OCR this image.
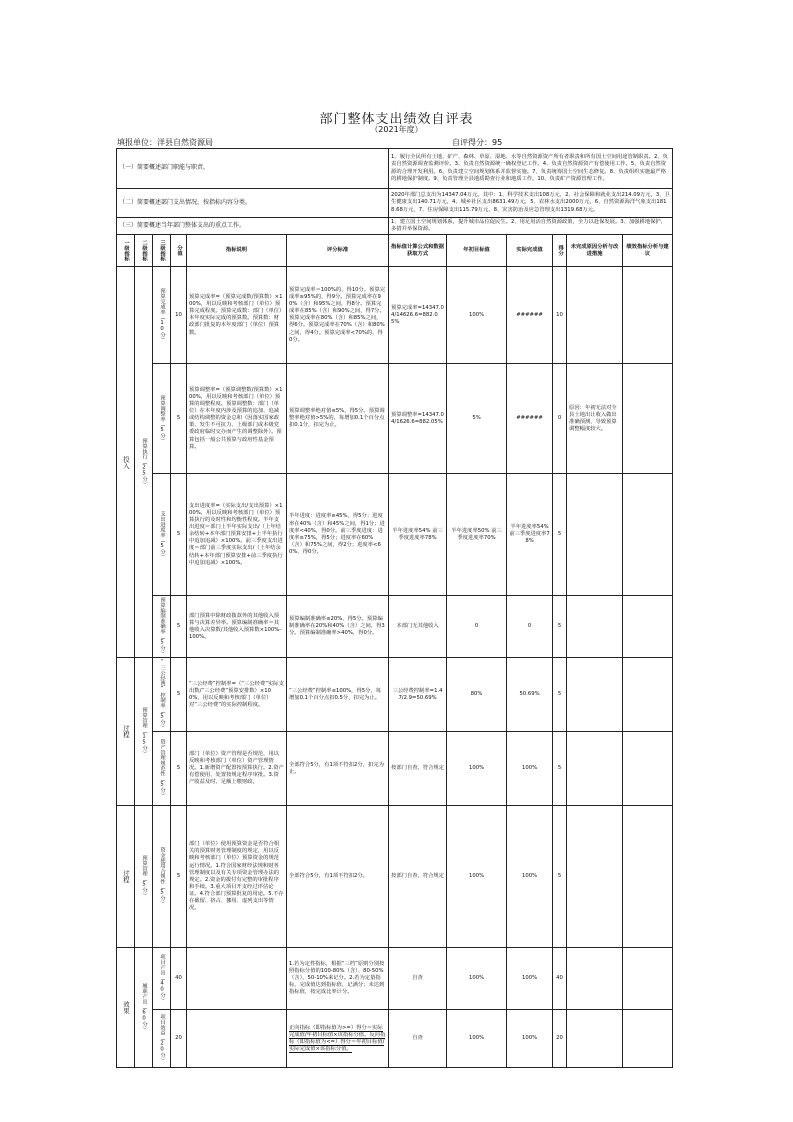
部门整体支出绩效自评表
（2021年度）
填报单位：洋县自然资源局	自评得分：95
（一）简要概述部门职能与职责。						1、履行全民所有土地、矿产、森林、草原、湿地、水等自然资源资产所有者职责和所有国土空间用途管制职责。2、负责自然资源调查监测评价。3、负责自然资源统一确权登记工作。4、负责自然资源资产有偿使用工作。5、负责自然资源的合理开发利用。6、负责建立空间规划体系并监督实施。7、负责统筹国土空间生态修复。8、负责组织实施最严格的耕地保护制度。9、负责管理全县地质勘查行业和地质工作。10、负责矿产资源管理工作。					
（二）简要概述部门支出情况，按指标内容分类。						2020年部门总支出为14347.04万元。其中：1、科学技术支出108万元，2、社会保障和就业支出214.09万元，3、卫生健康支出140.71万元，4、城乡社区支出8631.49万元，5、农林水支出2000万元，6、自然资源海洋气象支出1818.68万元，7、住房保障支出115.79万元，8、灾害防治及应急管理支出1319.68万元。					
（三）简要概述当年部门整体支出的重点工作。						1、建立国土空间规划体系，提升城市品位促民生。2、用足用活自然资源政策，全力以赴保发展。3、加强耕地保护，多措并举保资源。					

一级指标	二级指标	三级指标	分值	指标说明	评分标准	指标值计算公式和数据获取方式	年初目标值	实际完成值	得分	未完成原因分析与改进措施	绩效指标分析与建议

投入	预算执行（25分）	预算完成率（10分）	10	预算完成率=（预算完成数/预算数）×100%，用以反映和考核部门（单位）预算完成程度。预算完成数：部门（单位）本年度实际完成的预算数。预算数：财政部门批复的本年度部门（单位）预算数。	预算完成率＝100%的，得10分。预算完成率≥95%的，得9分。预算完成率在90%（含）和95%之间，得8分。预算完成率在85%（含）和90%之间，得7分。预算完成率在80%（含）和85%之间，得6分。预算完成率在70%（含）和80%之间，得4分。预算完成率<70%的，得0分。	预算完成率=14347.04/14626.6=882.05%	100%	######	10		

		预算调整率（5分）	5	预算调整率=（预算调整数/预算数）×100%，用以反映和考核部门（单位）预算的调整程度。预算调整数：部门（单位）在本年度内涉及预算的追加、追减或结构调整的资金总和（因落实国家政策、发生不可抗力、上级部门或本级党委政府临时交办而产生的调整除外）。预算包括一般公共预算与政府性基金预算。	预算调整率绝对值≤5%，得5分。预算调整率绝对值>5%的，每增加0.1个百分点扣0.1分，扣完为止。	预算调整率=14347.04/1626.6=882.05%	5%	######	0	原因：年初无法对全县土地出让收入做出准确预测，导致预算调整幅度较大。	

		支出进度率（5分）	5	支出进度率=（实际支出/支出预算）×100%，用以反映和考核部门（单位）预算执行的及时性和均衡性程度。半年支出进度＝部门上半年实际支出/（上年结余结转+本年部门预算安排+上半年执行中追加追减）×100%。前三季度支出进度＝部门前三季度实际支出/（上年结余结转+本年部门预算安排+前三季度执行中追加追减）×100%。	半年进度：进度率≥45%，得5分；进度率在40%（含）和45%之间，得1分；进度率<40%，得0分。前三季度进度：进度率≥75%，得5分；进度率在60%（含）和75%之间，得2分；进度率<60%，得0分。	半年进度率54% 前三季度进度率78%	半年进度率50% 前三季度进度率70%	半年进度率54% 前三季度进度率78%	5		

		预算编制准确率（5分）	5	部门预算中除财政拨款外的其他收入预算与决算差异率。预算编制准确率＝其他收入决算数/其他收入预算数×100%-100%。	预算编制准确率≤20%，得5分。预算编制准确率在20%和40%（含）之间，得3分。预算编制准确率>40%，得0分。	本部门无其他收入	0	0	5		

过程	预算管理（15分）	“三公经费”控制率（5分）	5	“三公经费”控制率=（“三公经费”实际支出数/“三公经费”预算安排数）×100%，用以反映和考核部门（单位）对“三公经费”的实际控制程度。	“三公经费”控制率≤100%，得5分，每增加0.1个百分点扣0.5分，扣完为止。	三公经费控制率=1.47/2.9=50.69%	80%	50.69%	5		

		资产管理规范性（5分）	5	部门（单位）资产管理是否规范，用以反映和考核部门（单位）资产管理情况。1.新增资产配置按预算执行。2.资产有偿使用、处置按规定程序审批。3.资产收益及时、足额上缴财政。	全部符合5分，有1项不符扣2分，扣完为止。	按部门自查，符合规定	100%	100%	5		

过程	预算管理（5分）	资金使用合规性（5分）	5	部门（单位）使用预算资金是否符合相关的预算财务管理制度的规定，用以反映和考核部门（单位）预算资金的规范运行情况。1.符合国家财经法规和财务管理制度以及有关专项资金管理办法的规定。2.资金的拨付有完整的审批程序和手续。3.重大项目开支经过评估论证。4.符合部门预算批复的用途。5.不存在截留、挤占、挪用、虚列支出等情况。	全部符合5分，有1项不符扣2分。	按部门自查，符合规定	100%	100%	5		

效果	履职产出（60分）	项目产出（40分）	40		1.若为定性指标，根据“三档”原则分别按照指标分值的100-80%（含）、80-50%（含）、50-10%来记分。2.若为定量指标，完成值达到指标值，记满分；未达到指标值，按完成比率计分。	自查	100%	100%	40		

		项目效益（20分）	20		正向指标（即指标值为>=）得分＝实际完成值/年初目标值×该指标分值。反向指标（即指标值为<=）得分＝年初目标值/实际完成值×该指标分值。	自查	100%	100%	20		
